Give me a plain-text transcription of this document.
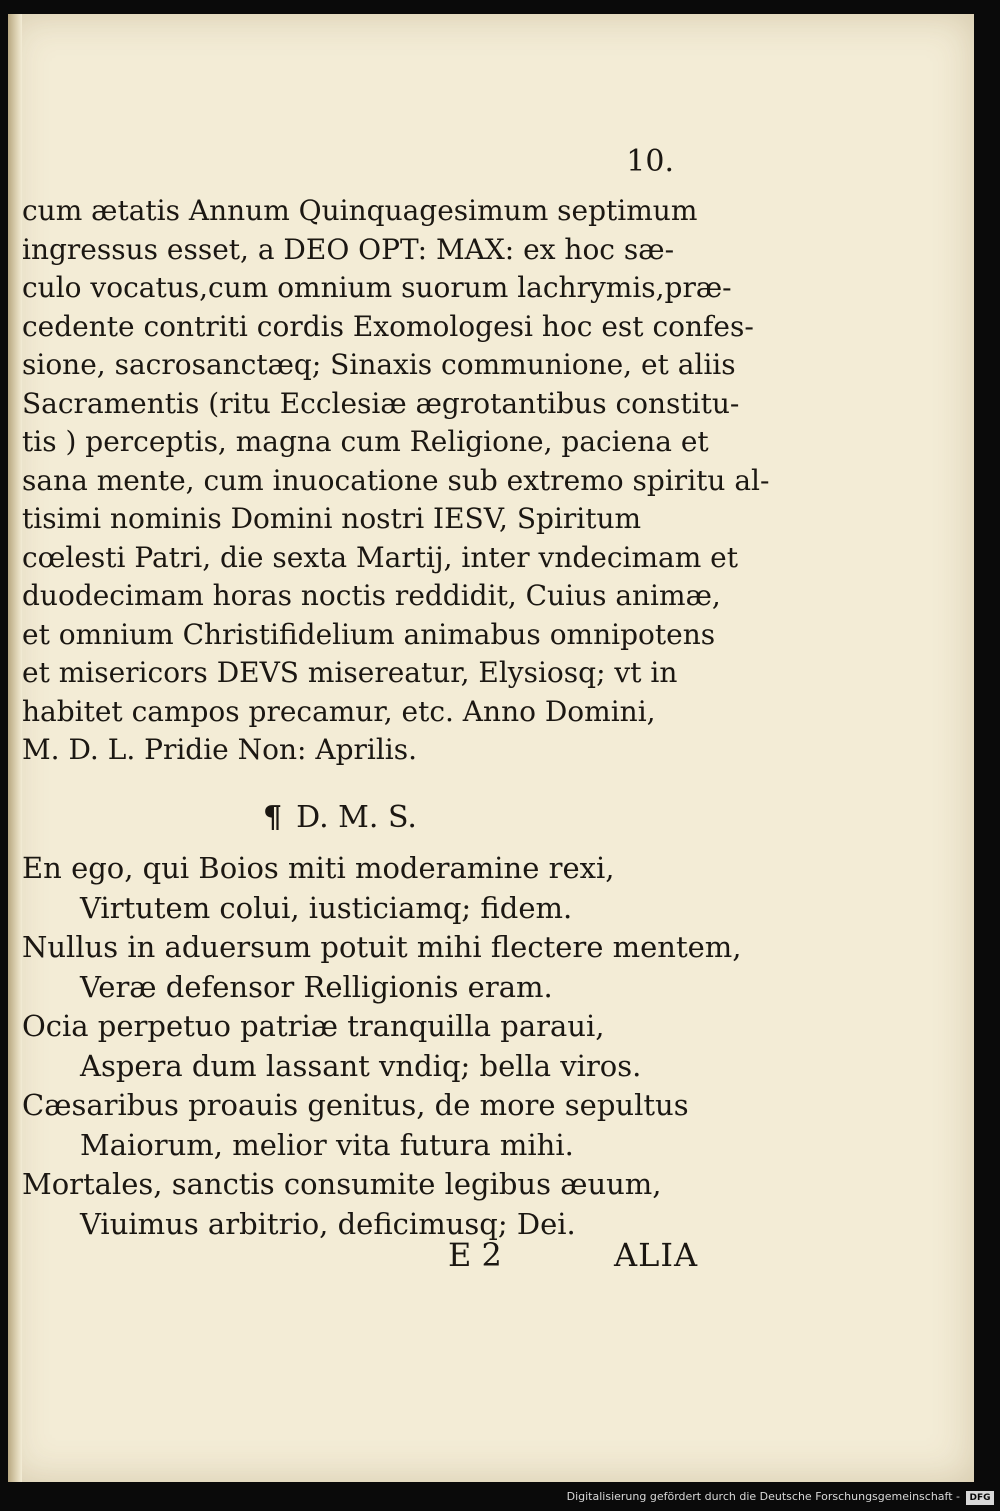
10.
cum ætatis Annum Quinquagesimum septimum
ingressus esset, a DEO OPT: MAX: ex hoc sæ-
culo vocatus,cum omnium suorum lachrymis,præ-
cedente contriti cordis Exomologesi hoc est confes-
sione, sacrosanctæq; Sinaxis communione, et aliis
Sacramentis (ritu Ecclesiæ ægrotantibus constitu-
tis ) perceptis, magna cum Religione, paciena et
sana mente, cum inuocatione sub extremo spiritu al-
tisimi nominis Domini nostri IESV, Spiritum
cœlesti Patri, die sexta Martij, inter vndecimam et
duodecimam horas noctis reddidit, Cuius animæ,
et omnium Christifidelium animabus omnipotens
et misericors DEVS misereatur, Elysiosq; vt in
habitet campos precamur, etc. Anno Domini,
M. D. L. Pridie Non: Aprilis.
¶ D. M. S.
En ego, qui Boios miti moderamine rexi,
Virtutem colui, iusticiamq; fidem.
Nullus in aduersum potuit mihi flectere mentem,
Veræ defensor Relligionis eram.
Ocia perpetuo patriæ tranquilla paraui,
Aspera dum lassant vndiq; bella viros.
Cæsaribus proauis genitus, de more sepultus
Maiorum, melior vita futura mihi.
Mortales, sanctis consumite legibus æuum,
Viuimus arbitrio, deficimusq; Dei.
E 2	ALIA
Digitalisierung gefördert durch die Deutsche Forschungsgemeinschaft -	DFG
